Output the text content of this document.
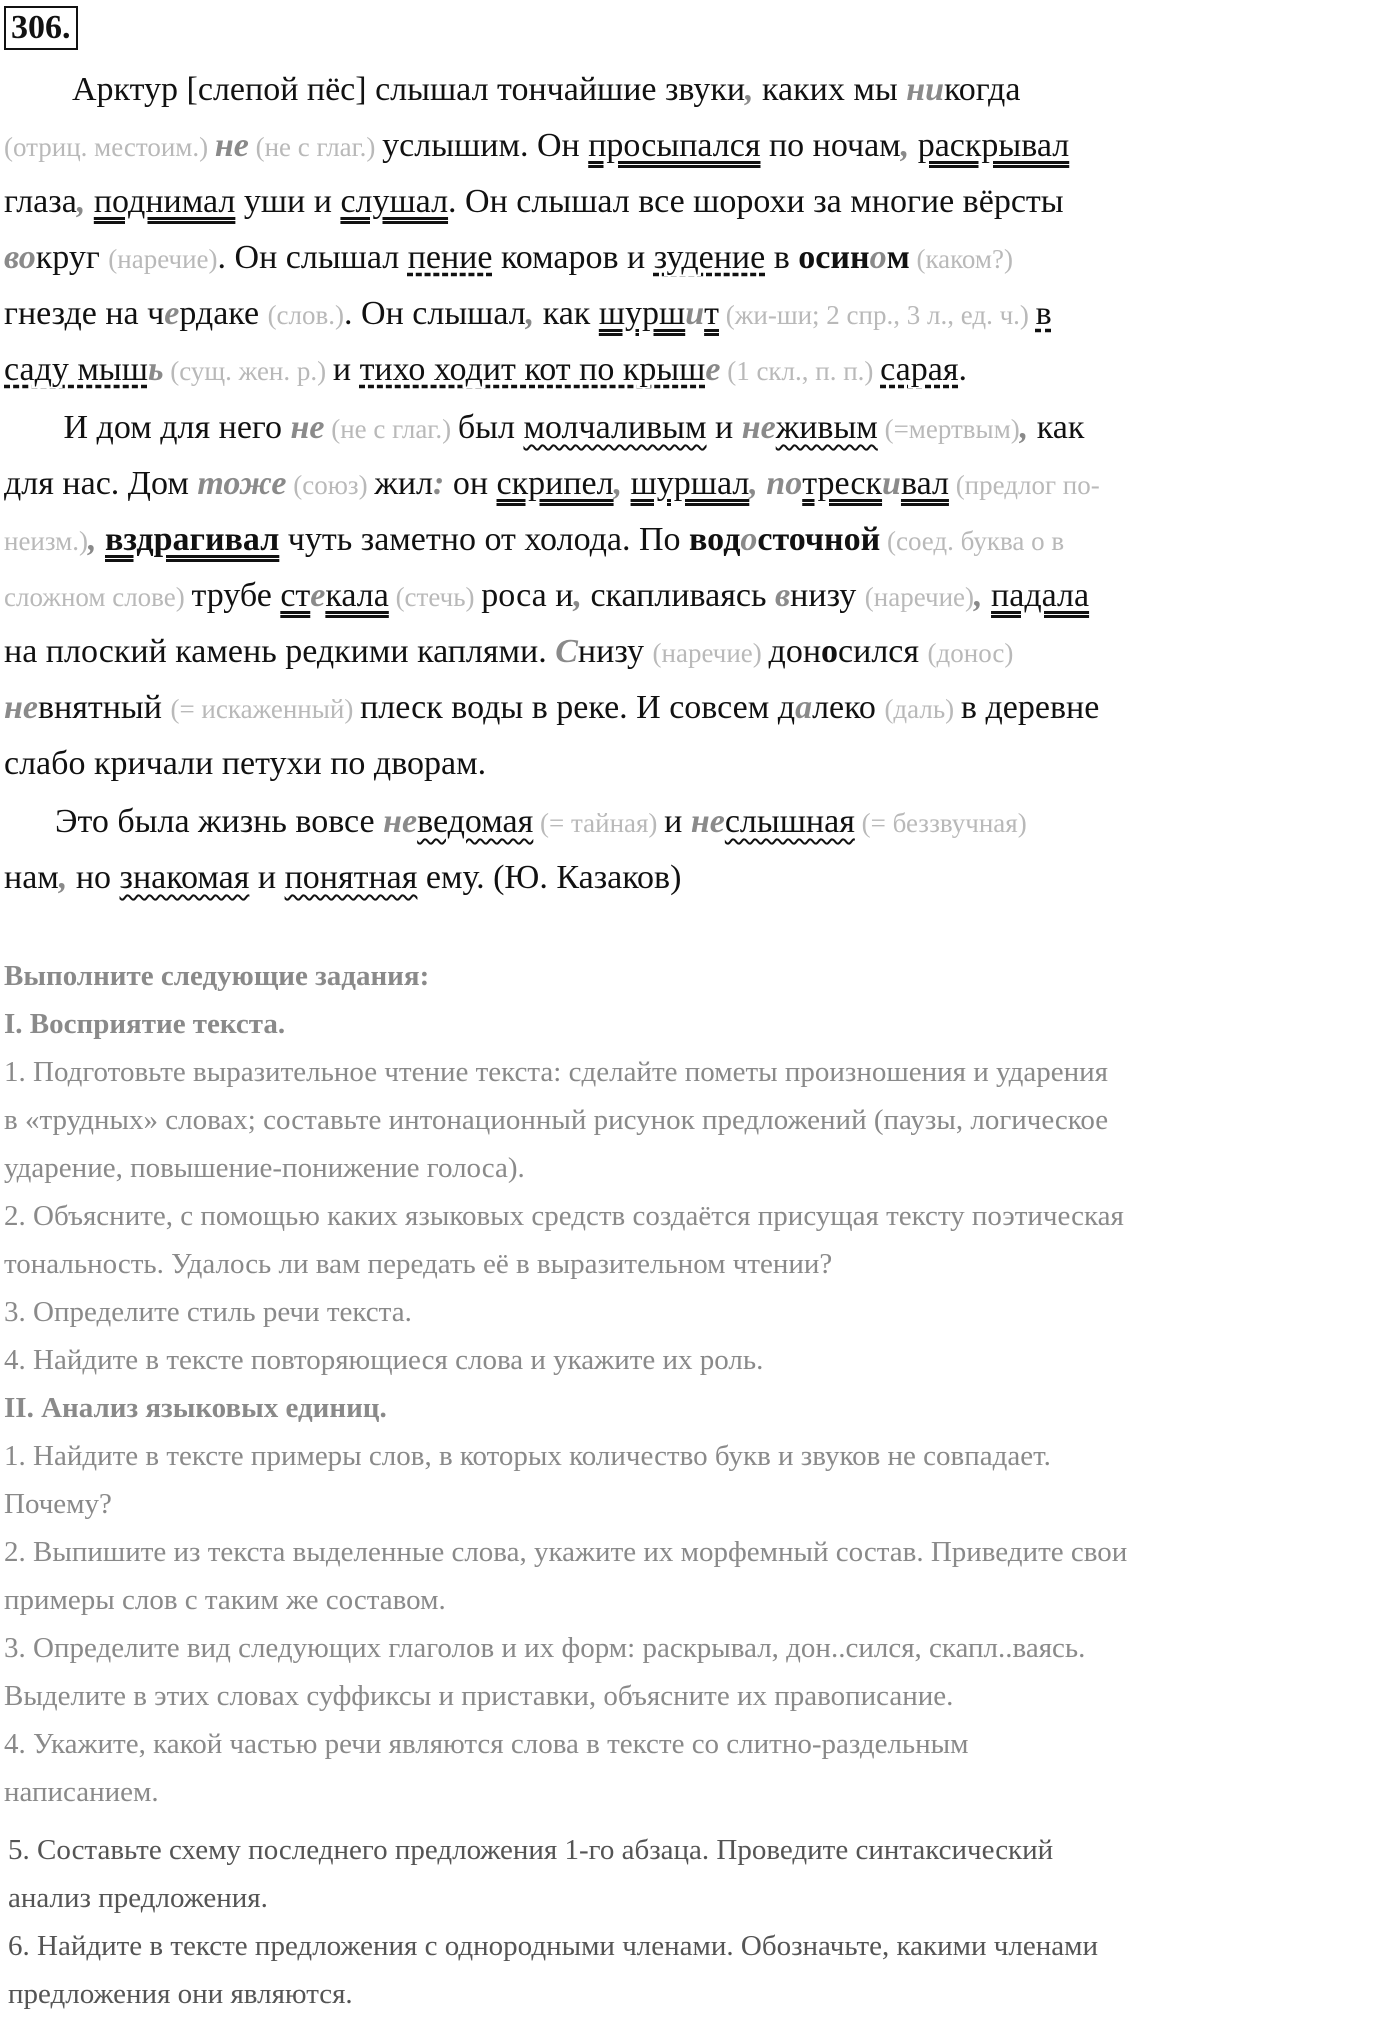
306.
Арктур [слепой пёс] слышал тончайшие звуки, каких мы никогда
(отриц. местоим.) не (не с глаг.) услышим. Он просыпался по ночам, раскрывал
глаза, поднимал уши и слушал. Он слышал все шорохи за многие вёрсты
вокруг (наречие). Он слышал пение комаров и зудение в осином (каком?)
гнезде на чердаке (слов.). Он слышал, как шуршит (жи-ши; 2 спр., 3 л., ед. ч.) в
саду мышь (сущ. жен. р.) и тихо ходит кот по крыше (1 скл., п. п.) сарая.
И дом для него не (не с глаг.) был молчаливым и неживым (=мертвым), как
для нас. Дом тоже (союз) жил: он скрипел, шуршал, потрескивал (предлог по-
неизм.), вздрагивал чуть заметно от холода. По водосточной (соед. буква о в
сложном слове) трубе стекала (стечь) роса и, скапливаясь внизу (наречие), падала
на плоский камень редкими каплями. Снизу (наречие) доносился (донос)
невнятный (= искаженный) плеск воды в реке. И совсем далеко (даль) в деревне
слабо кричали петухи по дворам.
Это была жизнь вовсе неведомая (= тайная) и неслышная (= беззвучная)
нам, но знакомая и понятная ему. (Ю. Казаков)
Выполните следующие задания:
I. Восприятие текста.
1. Подготовьте выразительное чтение текста: сделайте пометы произношения и ударения
в «трудных» словах; составьте интонационный рисунок предложений (паузы, логическое
ударение, повышение-понижение голоса).
2. Объясните, с помощью каких языковых средств создаётся присущая тексту поэтическая
тональность. Удалось ли вам передать её в выразительном чтении?
3. Определите стиль речи текста.
4. Найдите в тексте повторяющиеся слова и укажите их роль.
II. Анализ языковых единиц.
1. Найдите в тексте примеры слов, в которых количество букв и звуков не совпадает.
Почему?
2. Выпишите из текста выделенные слова, укажите их морфемный состав. Приведите свои
примеры слов с таким же составом.
3. Определите вид следующих глаголов и их форм: раскрывал, дон..сился, скапл..ваясь.
Выделите в этих словах суффиксы и приставки, объясните их правописание.
4. Укажите, какой частью речи являются слова в тексте со слитно-раздельным
написанием.
5. Составьте схему последнего предложения 1-го абзаца. Проведите синтаксический
анализ предложения.
6. Найдите в тексте предложения с однородными членами. Обозначьте, какими членами
предложения они являются.
